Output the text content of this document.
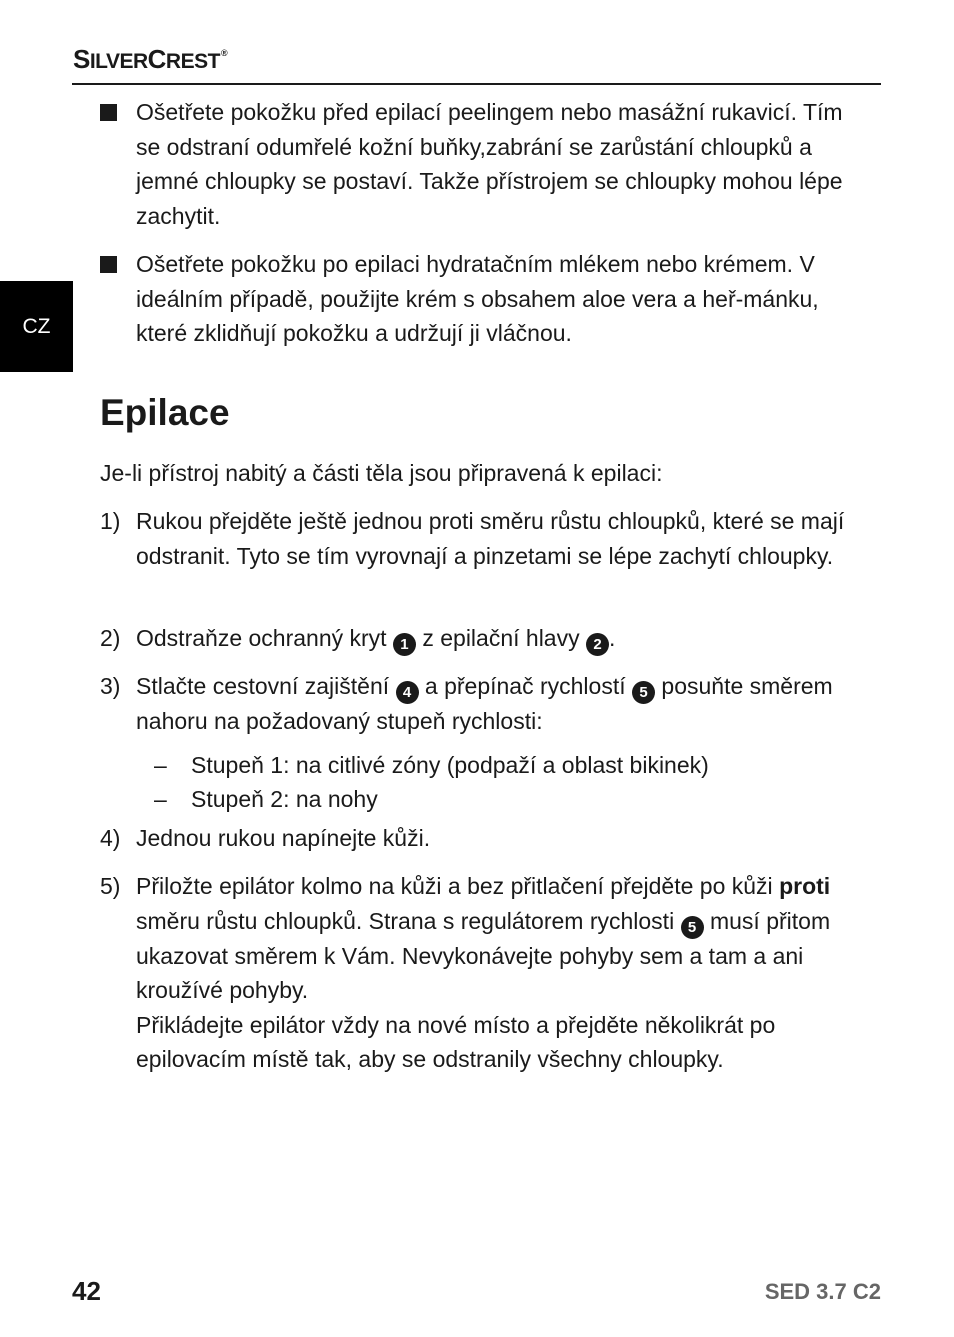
SILVERCREST®
CZ
Ošetřete pokožku před epilací peelingem nebo masážní rukavicí. Tím se odstraní odumřelé kožní buňky,zabrání se zarůstání chloupků a jemné chloupky se postaví. Takže přístrojem se chloupky mohou lépe zachytit.
Ošetřete pokožku po epilaci hydratačním mlékem nebo krémem. V ideálním případě, použijte krém s obsahem aloe vera a heř-mánku, které zklidňují pokožku a udržují ji vláčnou.
Epilace
Je-li přístroj nabitý a části těla jsou připravená k epilaci:
1) Rukou přejděte ještě jednou proti směru růstu chloupků, které se mají odstranit. Tyto se tím vyrovnají a pinzetami se lépe zachytí chloupky.
2) Odstraňze ochranný kryt 1 z epilační hlavy 2 .
3) Stlačte cestovní zajištění 4 a přepínač rychlostí 5 posuňte směrem nahoru na požadovaný stupeň rychlosti:
– Stupeň 1: na citlivé zóny (podpaží a oblast bikinek)
– Stupeň 2: na nohy
4) Jednou rukou napínejte kůži.
5) Přiložte epilátor kolmo na kůži a bez přitlačení přejděte po kůži proti směru růstu chloupků. Strana s regulátorem rychlosti 5 musí přitom ukazovat směrem k Vám. Nevykonávejte pohyby sem a tam a ani kroužívé pohyby.
Přikládejte epilátor vždy na nové místo a přejděte několikrát po epilovacím místě tak, aby se odstranily všechny chloupky.
42	SED 3.7 C2
